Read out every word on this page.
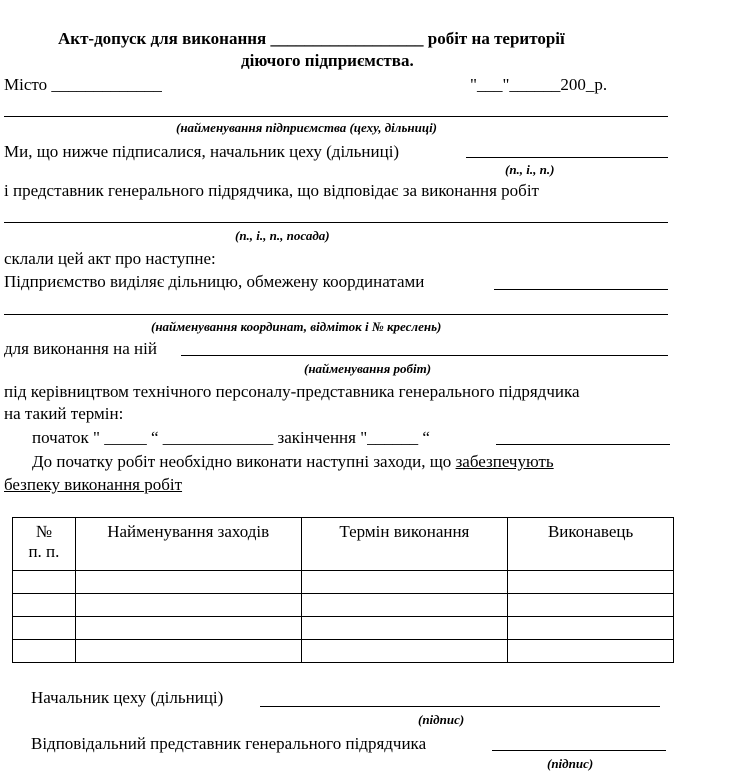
Акт-допуск для виконання __________________ робіт на території
діючого підприємства.
Місто _____________	"___"______200_р.
(найменування підприємства (цеху, дільниці)
Ми, що нижче підписалися, начальник цеху (дільниці)
(п., і., п.)
і представник генерального підрядчика, що відповідає за виконання робіт
(п., і., п., посада)
склали цей акт про наступне:
Підприємство виділяє дільницю, обмежену координатами
(найменування координат, відміток і № креслень)
для виконання на ній
(найменування робіт)
під керівництвом технічного персоналу-представника генерального підрядчика
на такий термін:
початок " _____ “ _____________ закінчення "______ “
До початку робіт необхідно виконати наступні заходи, що забезпечують
безпеку виконання робіт
№
п. п.	Найменування заходів	Термін виконання	Виконавець

Начальник цеху (дільниці)
(підпис)
Відповідальний представник генерального підрядчика
(підпис)
